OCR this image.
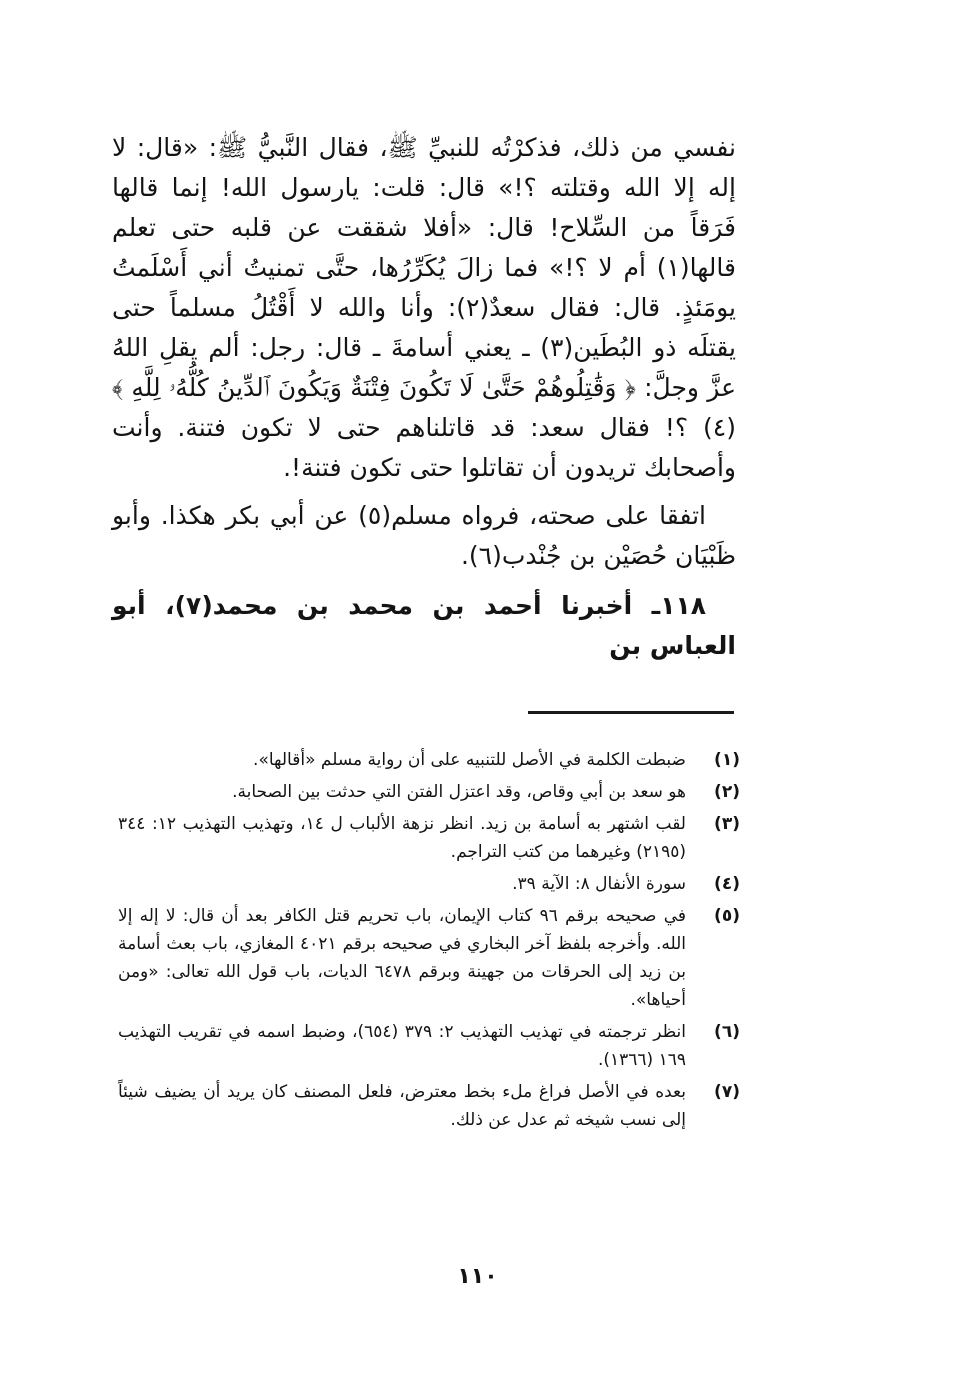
نفسي من ذلك، فذكرْتُه للنبيِّ ﷺ، فقال النَّبيُّ ﷺ: «قال: لا إله إلا الله وقتلته ؟!» قال: قلت: يارسول الله! إنما قالها فَرَقاً من السِّلاح! قال: «أفلا شققت عن قلبه حتى تعلم قالها(١) أم لا ؟!» فما زالَ يُكَرِّرُها، حتَّى تمنيتُ أني أَسْلَمتُ يومَئذٍ. قال: فقال سعدٌ(٢): وأنا والله لا أَقْتُلُ مسلماً حتى يقتلَه ذو البُطَين(٣) ـ يعني أسامةَ ـ قال: رجل: ألم يقلِ اللهُ عزَّ وجلَّ: ﴿ وَقَٰتِلُوهُمْ حَتَّىٰ لَا تَكُونَ فِتْنَةٌ وَيَكُونَ ٱلدِّينُ كُلُّهُۥ لِلَّهِ ﴾(٤) ؟! فقال سعد: قد قاتلناهم حتى لا تكون فتنة. وأنت وأصحابك تريدون أن تقاتلوا حتى تكون فتنة!.

اتفقا على صحته، فرواه مسلم(٥) عن أبي بكر هكذا. وأبو ظَبْيَان حُصَيْن بن جُنْدب(٦).

١١٨ـ أخبرنا أحمد بن محمد بن محمد(٧)، أبو العباس بن

(١)
ضبطت الكلمة في الأصل للتنبيه على أن رواية مسلم «أقالها».
(٢)
هو سعد بن أبي وقاص، وقد اعتزل الفتن التي حدثت بين الصحابة.
(٣)
لقب اشتهر به أسامة بن زيد. انظر نزهة الألباب ل ١٤، وتهذيب التهذيب ١٢: ٣٤٤ (٢١٩٥) وغيرهما من كتب التراجم.
(٤)
سورة الأنفال ٨: الآية ٣٩.
(٥)
في صحيحه برقم ٩٦ كتاب الإيمان، باب تحريم قتل الكافر بعد أن قال: لا إله إلا الله. وأخرجه بلفظ آخر البخاري في صحيحه برقم ٤٠٢١ المغازي، باب بعث أسامة بن زيد إلى الحرقات من جهينة وبرقم ٦٤٧٨ الديات، باب قول الله تعالى: «ومن أحياها».
(٦)
انظر ترجمته في تهذيب التهذيب ٢: ٣٧٩ (٦٥٤)، وضبط اسمه في تقريب التهذيب ١٦٩ (١٣٦٦).
(٧)
بعده في الأصل فراغ ملء بخط معترض، فلعل المصنف كان يريد أن يضيف شيئاً إلى نسب شيخه ثم عدل عن ذلك.
١١٠
